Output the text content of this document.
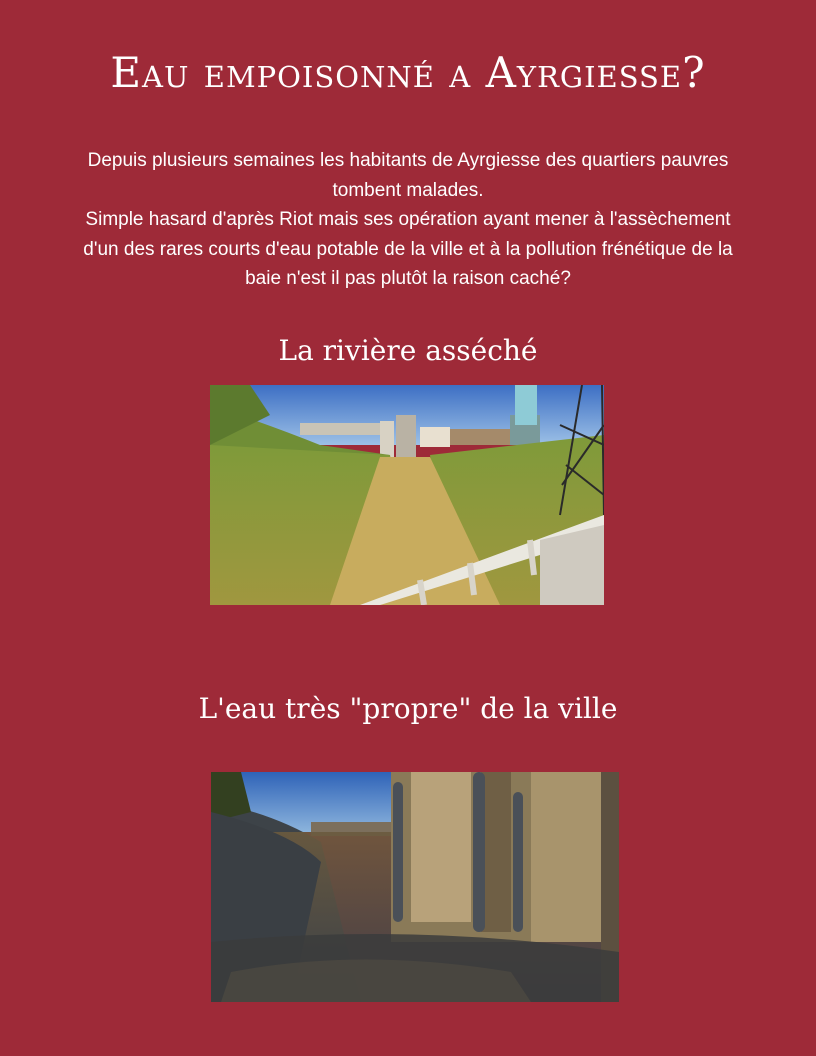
Eau empoisonné a Ayrgiesse?

Depuis plusieurs semaines les habitants de Ayrgiesse des quartiers pauvres tombent malades.

Simple hasard d'après Riot mais ses opération ayant mener à l'assèchement d'un des rares courts d'eau potable de la ville et à la pollution frénétique de la baie n'est il pas plutôt la raison caché?

La rivière asséché
L'eau très "propre" de la ville
